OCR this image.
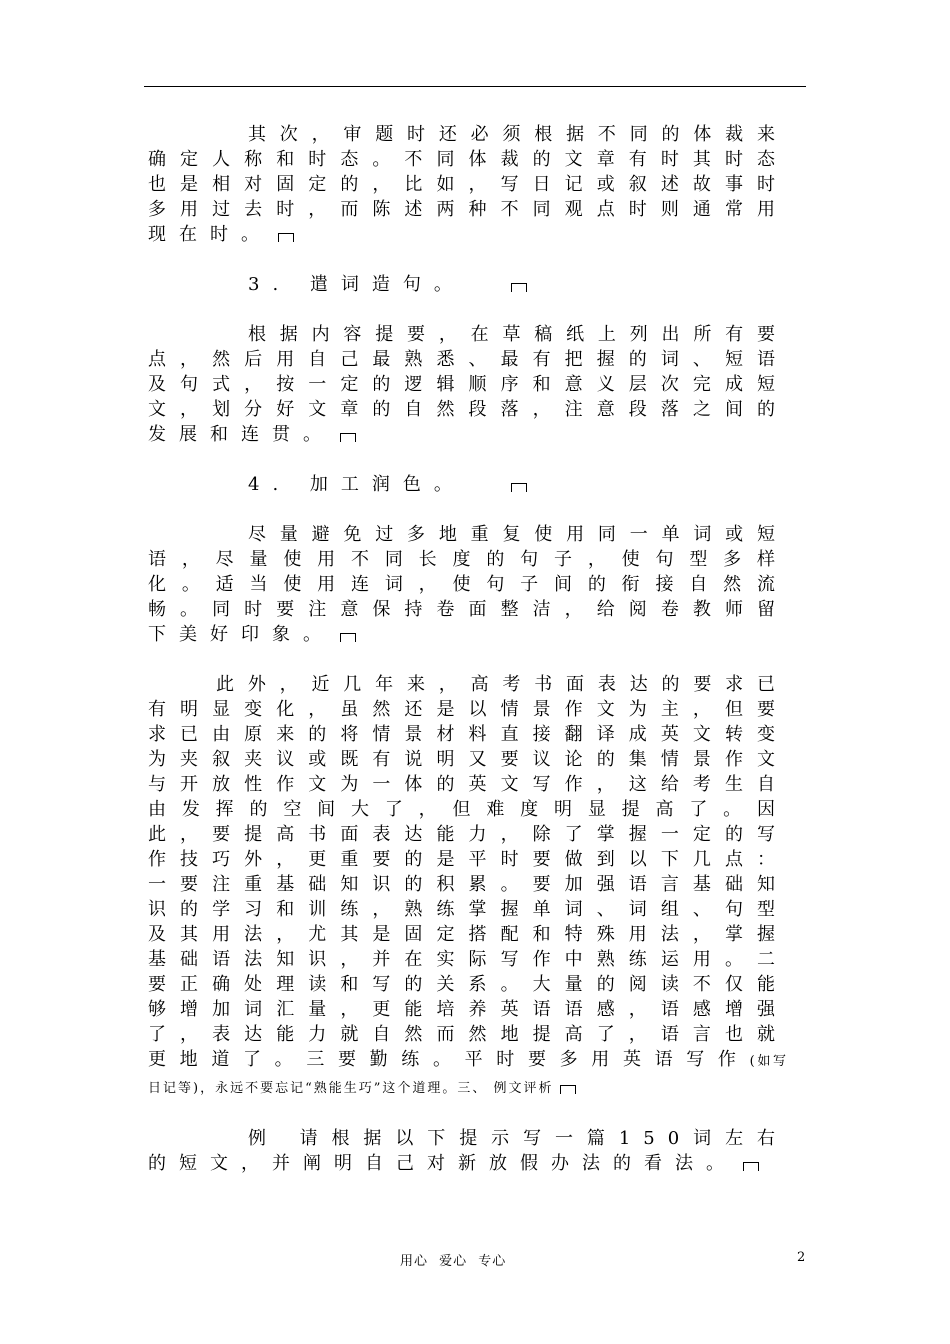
其次，审题时还必须根据不同的体裁来确定人称和时态。不同体裁的文章有时其时态也是相对固定的，比如，写日记或叙述故事时多用过去时，而陈述两种不同观点时则通常用现在时。

3. 遣词造句。

根据内容提要，在草稿纸上列出所有要点，然后用自己最熟悉、最有把握的词、短语及句式，按一定的逻辑顺序和意义层次完成短文，划分好文章的自然段落，注意段落之间的发展和连贯。

4. 加工润色。

尽量避免过多地重复使用同一单词或短语，尽量使用不同长度的句子，使句型多样化。适当使用连词，使句子间的衔接自然流畅。同时要注意保持卷面整洁，给阅卷教师留下美好印象。

此外，近几年来，高考书面表达的要求已有明显变化，虽然还是以情景作文为主，但要求已由原来的将情景材料直接翻译成英文转变为夹叙夹议或既有说明又要议论的集情景作文与开放性作文为一体的英文写作，这给考生自由发挥的空间大了，但难度明显提高了。因此，要提高书面表达能力，除了掌握一定的写作技巧外，更重要的是平时要做到以下几点：一要注重基础知识的积累。要加强语言基础知识的学习和训练，熟练掌握单词、词组、句型及其用法，尤其是固定搭配和特殊用法，掌握基础语法知识，并在实际写作中熟练运用。二要正确处理读和写的关系。大量的阅读不仅能够增加词汇量，更能培养英语语感，语感增强了，表达能力就自然而然地提高了，语言也就更地道了。三要勤练。平时要多用英语写作(如写日记等)，永远不要忘记“熟能生巧”这个道理。三、 例文评析

例 请根据以下提示写一篇150词左右的短文，并阐明自己对新放假办法的看法。

用心 爱心 专心	2
